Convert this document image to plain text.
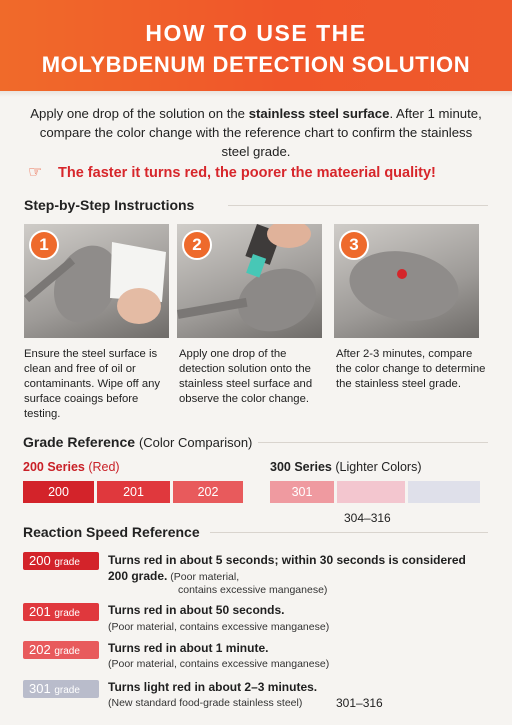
HOW TO USE THE
MOLYBDENUM DETECTION SOLUTION
Apply one drop of the solution on the stainless steel surface. After 1 minute, compare the color change with the reference chart to confirm the stainless steel grade.
☞ The faster it turns red, the poorer the mateerial quality!
Step-by-Step Instructions
1	2	3
Ensure the steel surface is clean and free of oil or contaminants. Wipe off any surface coaings before testing.
Apply one drop of the detection solution onto the stainless steel surface and observe the color change.
After 2-3 minutes, compare the color change to determine the stainless steel grade.
Grade Reference (Color Comparison)
200 Series (Red)	300 Series (Lighter Colors)
200	201	202	301
304–316
Reaction Speed Reference
200 grade	Turns red in about 5 seconds; within 30 seconds is considered
200 grade. (Poor material,
contains excessive manganese)
201 grade	Turns red in about 50 seconds.
(Poor material, contains excessive manganese)
202 grade	Turns red in about 1 minute.
(Poor material, contains excessive manganese)
301 grade	Turns light red in about 2–3 minutes.
(New standard food-grade stainless steel)	301–316
